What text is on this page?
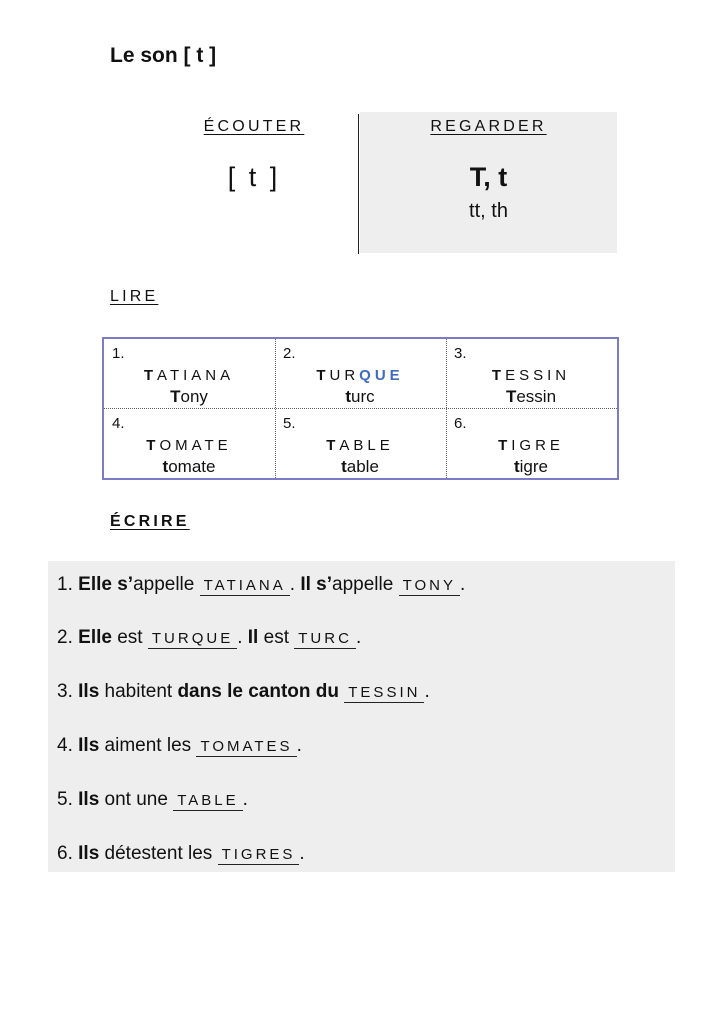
Le son [ t ]
ÉCOUTER
[ t ]
REGARDER
T, t
tt, th
LIRE
1.
TATIANA
Tony
2.
TURQUE
turc
3.
TESSIN
Tessin
4.
TOMATE
tomate
5.
TABLE
table
6.
TIGRE
tigre
ÉCRIRE
1. Elle s’appelle TATIANA . Il s’appelle TONY .
2. Elle est TURQUE . Il est TURC .
3. Ils habitent dans le canton du TESSIN .
4. Ils aiment les TOMATES .
5. Ils ont une TABLE .
6. Ils détestent les TIGRES .
